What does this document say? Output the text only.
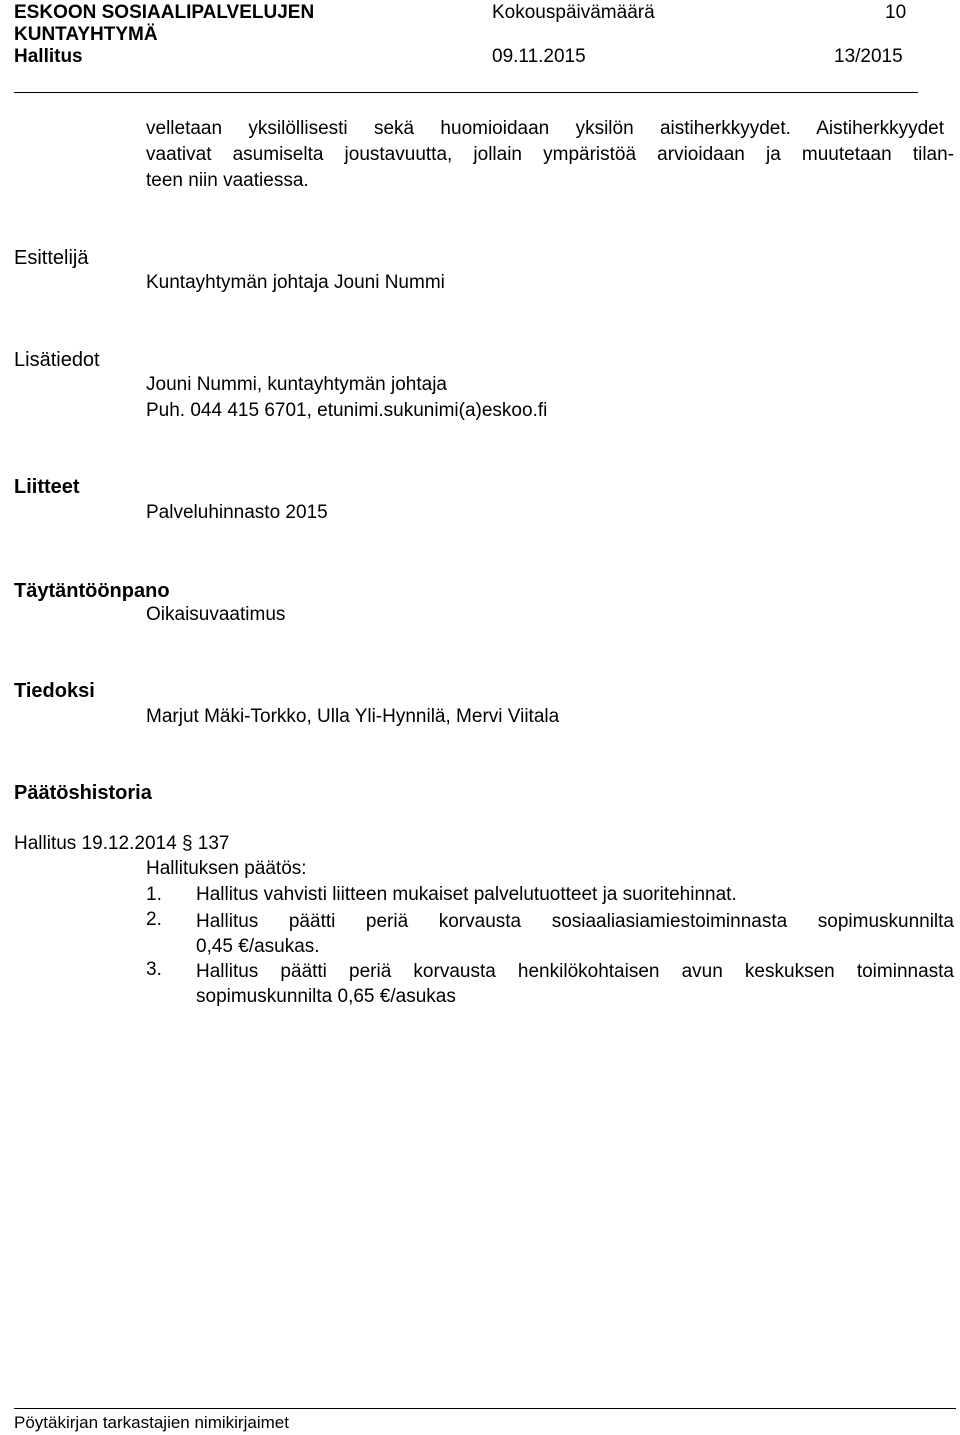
ESKOON SOSIAALIPALVELUJEN
KUNTAYHTYMÄ
Kokouspäivämäärä	10
Hallitus	09.11.2015	13/2015
velletaan yksilöllisesti sekä huomioidaan yksilön aistiherkkyydet. Aistiherkkyydet
vaativat asumiselta joustavuutta, jollain ympäristöä arvioidaan ja muutetaan tilan-
teen niin vaatiessa.
Esittelijä
Kuntayhtymän johtaja Jouni Nummi
Lisätiedot
Jouni Nummi, kuntayhtymän johtaja
Puh. 044 415 6701, etunimi.sukunimi(a)eskoo.fi
Liitteet
Palveluhinnasto 2015
Täytäntöönpano
Oikaisuvaatimus
Tiedoksi
Marjut Mäki-Torkko, Ulla Yli-Hynnilä, Mervi Viitala
Päätöshistoria
Hallitus 19.12.2014 § 137
Hallituksen päätös:
1. Hallitus vahvisti liitteen mukaiset palvelutuotteet ja suoritehinnat.
2. Hallitus päätti periä korvausta sosiaaliasiamiestoiminnasta sopimuskunnilta
0,45 €/asukas.
3. Hallitus päätti periä korvausta henkilökohtaisen avun keskuksen toiminnasta
sopimuskunnilta 0,65 €/asukas
Pöytäkirjan tarkastajien nimikirjaimet
